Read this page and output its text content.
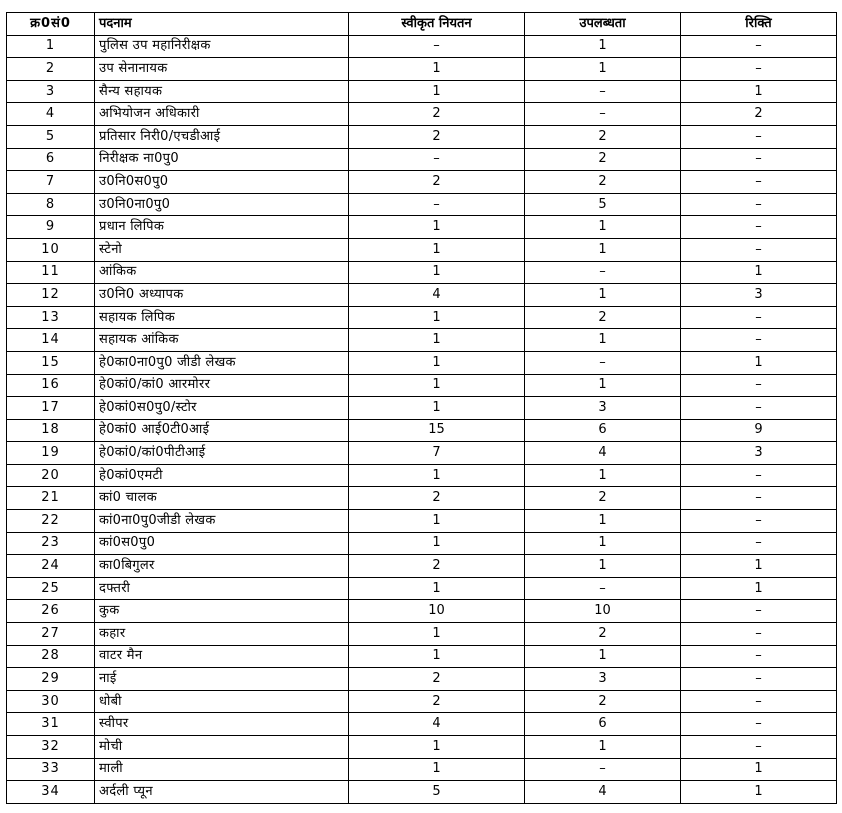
क्र0सं0	पदनाम	स्वीकृत नियतन	उपलब्धता	रिक्ति
1	पुलिस उप महानिरीक्षक	–	1	–
2	उप सेनानायक	1	1	–
3	सैन्य सहायक	1	–	1
4	अभियोजन अधिकारी	2	–	2
5	प्रतिसार निरी0/एचडीआई	2	2	–
6	निरीक्षक ना0पु0	–	2	–
7	उ0नि0स0पु0	2	2	–
8	उ0नि0ना0पु0	–	5	–
9	प्रधान लिपिक	1	1	–
10	स्टेनो	1	1	–
11	आंकिक	1	–	1
12	उ0नि0 अध्यापक	4	1	3
13	सहायक लिपिक	1	2	–
14	सहायक आंकिक	1	1	–
15	हे0का0ना0पु0 जीडी लेखक	1	–	1
16	हे0कां0/कां0 आरमोरर	1	1	–
17	हे0कां0स0पु0/स्टोर	1	3	–
18	हे0कां0 आई0टी0आई	15	6	9
19	हे0कां0/कां0पीटीआई	7	4	3
20	हे0कां0एमटी	1	1	–
21	कां0 चालक	2	2	–
22	कां0ना0पु0जीडी लेखक	1	1	–
23	कां0स0पु0	1	1	–
24	का0बिगुलर	2	1	1
25	दफ्तरी	1	–	1
26	कुक	10	10	–
27	कहार	1	2	–
28	वाटर मैन	1	1	–
29	नाई	2	3	–
30	धोबी	2	2	–
31	स्वीपर	4	6	–
32	मोची	1	1	–
33	माली	1	–	1
34	अर्दली प्यून	5	4	1
